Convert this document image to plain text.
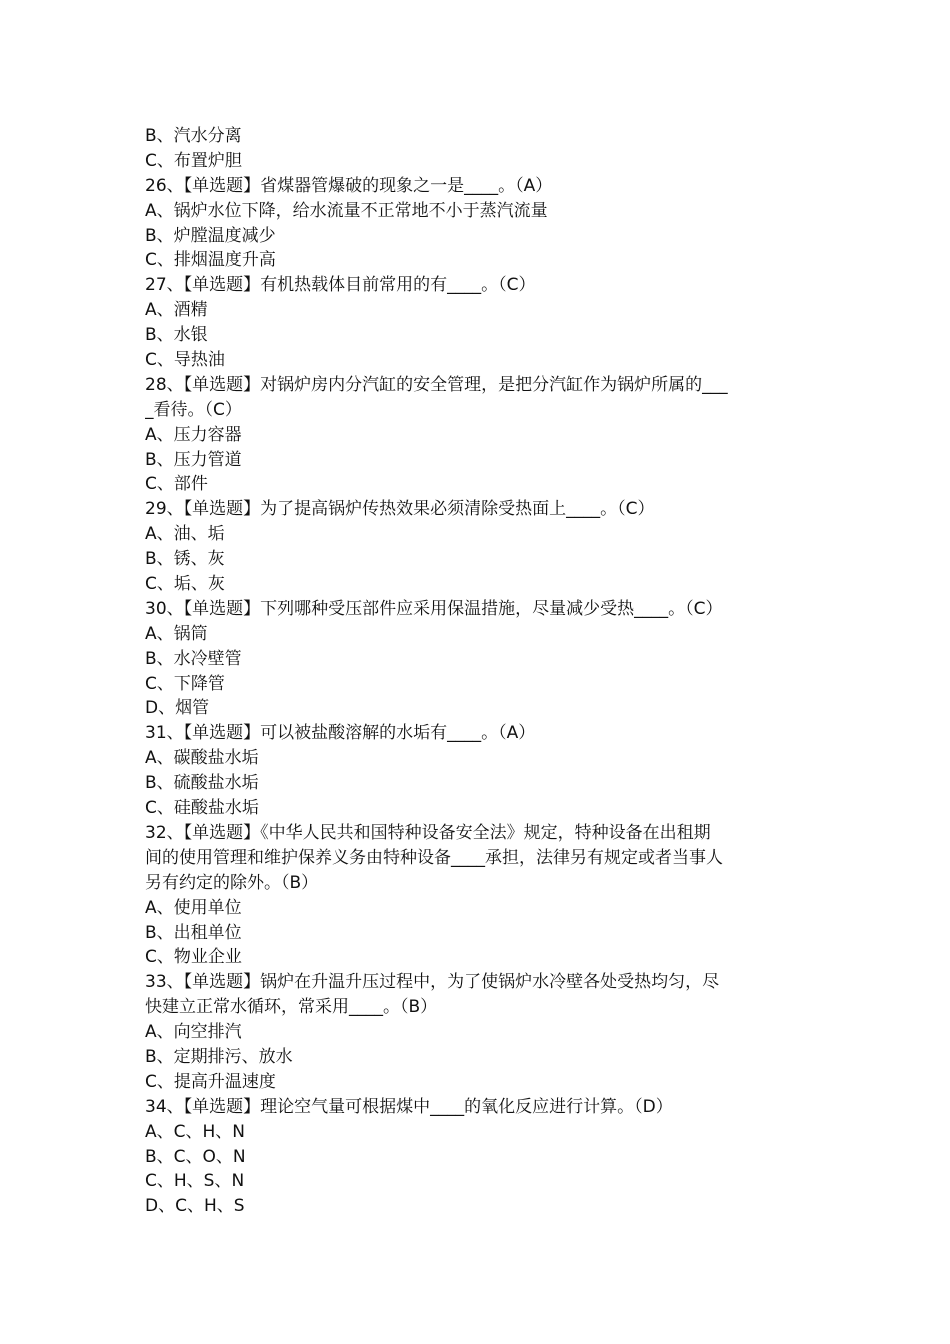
B、汽水分离
C、布置炉胆
26、【单选题】省煤器管爆破的现象之一是____。（A）
A、锅炉水位下降，给水流量不正常地不小于蒸汽流量
B、炉膛温度减少
C、排烟温度升高
27、【单选题】有机热载体目前常用的有____。（C）
A、酒精
B、水银
C、导热油
28、【单选题】对锅炉房内分汽缸的安全管理，是把分汽缸作为锅炉所属的___
_看待。（C）
A、压力容器
B、压力管道
C、部件
29、【单选题】为了提高锅炉传热效果必须清除受热面上____。（C）
A、油、垢
B、锈、灰
C、垢、灰
30、【单选题】下列哪种受压部件应采用保温措施，尽量减少受热____。（C）
A、锅筒
B、水冷壁管
C、下降管
D、烟管
31、【单选题】可以被盐酸溶解的水垢有____。（A）
A、碳酸盐水垢
B、硫酸盐水垢
C、硅酸盐水垢
32、【单选题】《中华人民共和国特种设备安全法》规定，特种设备在出租期
间的使用管理和维护保养义务由特种设备____承担，法律另有规定或者当事人
另有约定的除外。（B）
A、使用单位
B、出租单位
C、物业企业
33、【单选题】锅炉在升温升压过程中，为了使锅炉水冷壁各处受热均匀，尽
快建立正常水循环，常采用____。（B）
A、向空排汽
B、定期排污、放水
C、提高升温速度
34、【单选题】理论空气量可根据煤中____的氧化反应进行计算。（D）
A、C、H、N
B、C、O、N
C、H、S、N
D、C、H、S
